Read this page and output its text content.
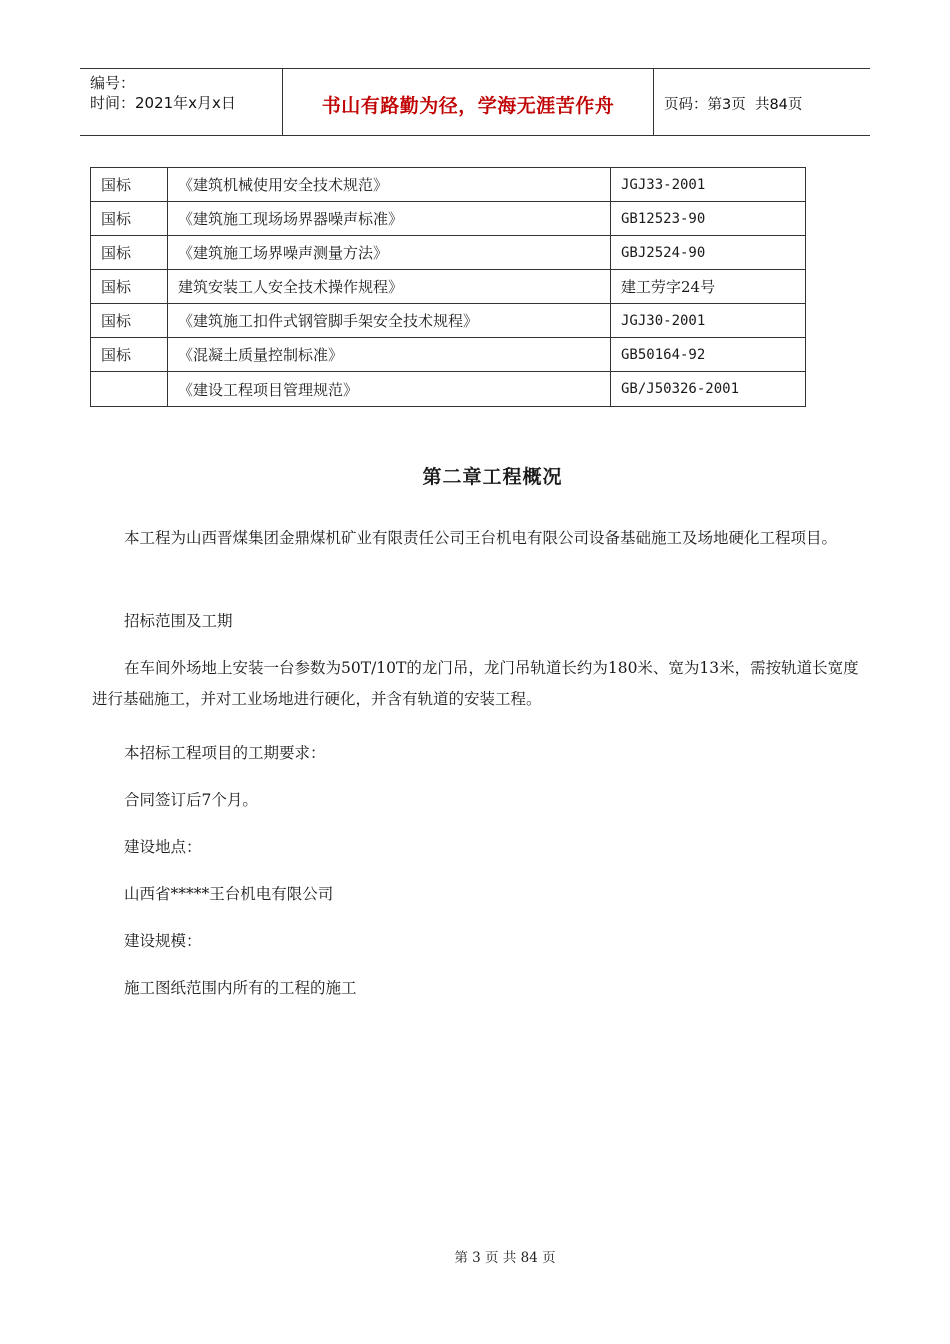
编号：
时间：2021年x月x日	书山有路勤为径，学海无涯苦作舟	页码：第3页  共84页
国标	《建筑机械使用安全技术规范》	JGJ33-2001
国标	《建筑施工现场场界器噪声标准》	GB12523-90
国标	《建筑施工场界噪声测量方法》	GBJ2524-90
国标	建筑安装工人安全技术操作规程》	建工劳字24号
国标	《建筑施工扣件式钢管脚手架安全技术规程》	JGJ30-2001
国标	《混凝土质量控制标准》	GB50164-92
	《建设工程项目管理规范》	GB/J50326-2001
第二章工程概况

本工程为山西晋煤集团金鼎煤机矿业有限责任公司王台机电有限公司设备基础施工及场地硬化工程项目。

招标范围及工期

在车间外场地上安装一台参数为50T/10T的龙门吊，龙门吊轨道长约为180米、宽为13米，需按轨道长宽度进行基础施工，并对工业场地进行硬化，并含有轨道的安装工程。

本招标工程项目的工期要求：

合同签订后7个月。

建设地点：

山西省*****王台机电有限公司

建设规模：

施工图纸范围内所有的工程的施工

第 3 页 共 84 页
